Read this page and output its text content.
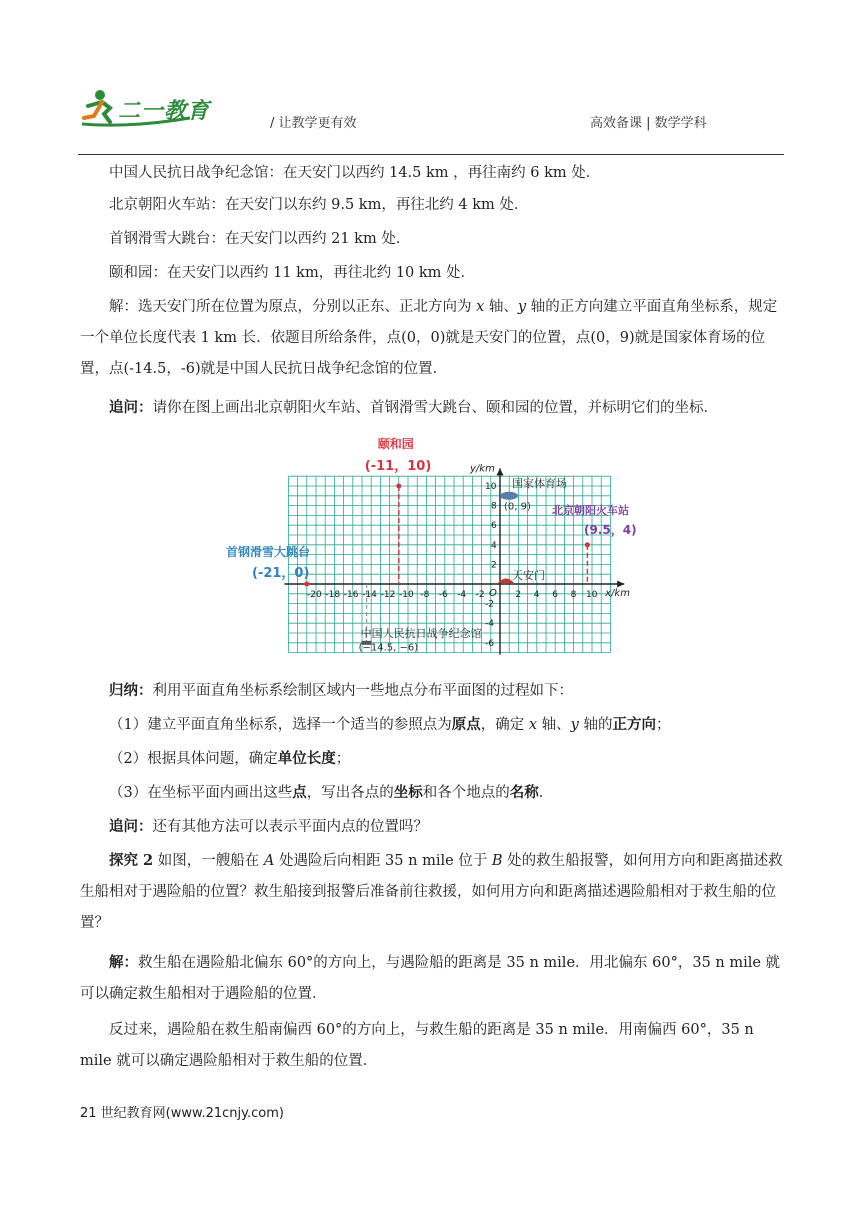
二一教育	/ 让教学更有效	高效备课 | 数学学科

中国人民抗日战争纪念馆：在天安门以西约 14.5 km ，再往南约 6 km 处．

北京朝阳火车站：在天安门以东约 9.5 km，再往北约 4 km 处．

首钢滑雪大跳台：在天安门以西约 21 km 处．

颐和园：在天安门以西约 11 km，再往北约 10 km 处．

解：选天安门所在位置为原点，分别以正东、正北方向为 x 轴、y 轴的正方向建立平面直角坐标系，规定一个单位长度代表 1 km 长．依题目所给条件，点(0，0)就是天安门的位置，点(0，9)就是国家体育场的位置，点(-14.5，-6)就是中国人民抗日战争纪念馆的位置．

追问：请你在图上画出北京朝阳火车站、首钢滑雪大跳台、颐和园的位置，并标明它们的坐标．

x/km
y/km
O
-20 -18 -16 -14 -12 -10 -8 -6 -4 -2	2 4 6 8 10
10
8
6
4
2
-2
-4
-6
颐和园
(-11，10)
北京朝阳火车站
(9.5，4)
首钢滑雪大跳台
(-21，0)
国家体育场
(0, 9)
天安门
中国人民抗日战争纪念馆
(−14.5, −6)

归纳：利用平面直角坐标系绘制区域内一些地点分布平面图的过程如下：

（1）建立平面直角坐标系，选择一个适当的参照点为原点，确定 x 轴、y 轴的正方向；

（2）根据具体问题，确定单位长度；

（3）在坐标平面内画出这些点，写出各点的坐标和各个地点的名称．

追问：还有其他方法可以表示平面内点的位置吗？

探究 2 如图，一艘船在 A 处遇险后向相距 35 n mile 位于 B 处的救生船报警，如何用方向和距离描述救生船相对于遇险船的位置？救生船接到报警后准备前往救援，如何用方向和距离描述遇险船相对于救生船的位置？

解：救生船在遇险船北偏东 60°的方向上，与遇险船的距离是 35 n mile．用北偏东 60°，35 n mile 就可以确定救生船相对于遇险船的位置．

反过来，遇险船在救生船南偏西 60°的方向上，与救生船的距离是 35 n mile．用南偏西 60°，35 n mile 就可以确定遇险船相对于救生船的位置．

21 世纪教育网(www.21cnjy.com)
